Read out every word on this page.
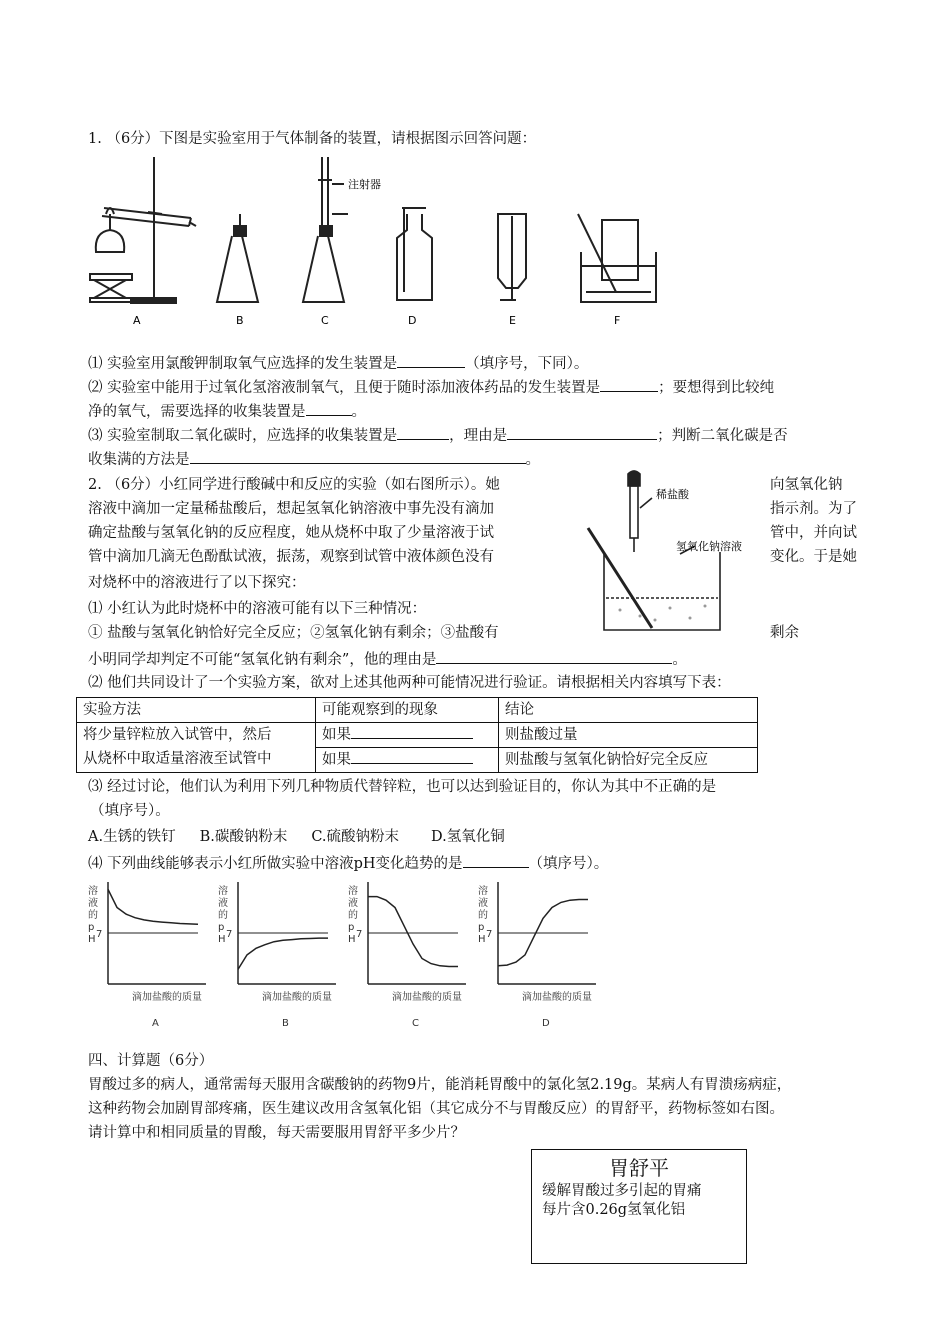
1. （6分）下图是实验室用于气体制备的装置，请根据图示回答问题：
注射器
A	B	C	D	E	F
⑴ 实验室用氯酸钾制取氧气应选择的发生装置是	（填序号，下同）。
⑵ 实验室中能用于过氧化氢溶液制氧气，且便于随时添加液体药品的发生装置是	；要想得到比较纯
净的氧气，需要选择的收集装置是	。
⑶ 实验室制取二氧化碳时，应选择的收集装置是	，理由是	；判断二氧化碳是否
收集满的方法是	。
2. （6分）小红同学进行酸碱中和反应的实验（如右图所示）。她	向氢氧化钠
溶液中滴加一定量稀盐酸后，想起氢氧化钠溶液中事先没有滴加	指示剂。为了
确定盐酸与氢氧化钠的反应程度，她从烧杯中取了少量溶液于试	管中，并向试
管中滴加几滴无色酚酞试液，振荡，观察到试管中液体颜色没有	变化。于是她
对烧杯中的溶液进行了以下探究：
⑴ 小红认为此时烧杯中的溶液可能有以下三种情况：
① 盐酸与氢氧化钠恰好完全反应；②氢氧化钠有剩余；③盐酸有	剩余
小明同学却判定不可能“氢氧化钠有剩余”，他的理由是	。
稀盐酸
氢氧化钠溶液
⑵ 他们共同设计了一个实验方案，欲对上述其他两种可能情况进行验证。请根据相关内容填写下表：
实验方法	可能观察到的现象	结论

将少量锌粒放入试管中，然后
从烧杯中取适量溶液至试管中	如果	则盐酸过量
	如果	则盐酸与氢氧化钠恰好完全反应
⑶ 经过讨论，他们认为利用下列几种物质代替锌粒，也可以达到验证目的，你认为其中不正确的是
（填序号）。
A.生锈的铁钉 B.碳酸钠粉末 C.硫酸钠粉末 D.氢氧化铜
⑷ 下列曲线能够表示小红所做实验中溶液pH变化趋势的是	（填序号）。
7
溶
液
的
p
H
滴加盐酸的质量
A
7
溶
液
的
p
H
滴加盐酸的质量
B
7
溶
液
的
p
H
滴加盐酸的质量
C
7
溶
液
的
p
H
滴加盐酸的质量
D
四、计算题（6分）
胃酸过多的病人，通常需每天服用含碳酸钠的药物9片，能消耗胃酸中的氯化氢2.19g。某病人有胃溃疡病症，
这种药物会加剧胃部疼痛，医生建议改用含氢氧化铝（其它成分不与胃酸反应）的胃舒平，药物标签如右图。
请计算中和相同质量的胃酸，每天需要服用胃舒平多少片？
胃舒平
缓解胃酸过多引起的胃痛
每片含0.26g氢氧化铝
